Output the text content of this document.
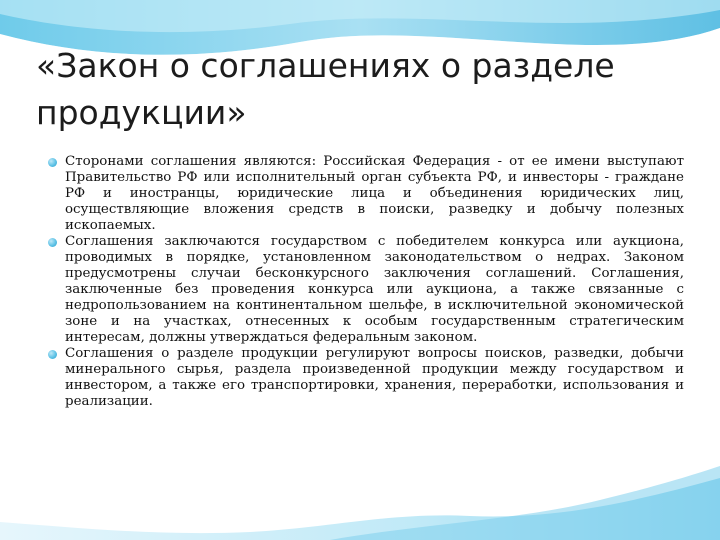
«Закон о соглашениях о разделе продукции»
Сторонами соглашения являются: Российская Федерация - от ее имени выступают Правительство РФ или исполнительный орган субъекта РФ, и инвесторы - граждане РФ и иностранцы, юридические лица и объединения юридических лиц, осуществляющие вложения средств в поиски, разведку и добычу полезных ископаемых.
Соглашения заключаются государством с победителем конкурса или аукциона, проводимых в порядке, установленном законодательством о недрах. Законом предусмотрены случаи бесконкурсного заключения соглашений. Соглашения, заключенные без проведения конкурса или аукциона, а также связанные с недропользованием на континентальном шельфе, в исключительной экономической зоне и на участках, отнесенных к особым государственным стратегическим интересам, должны утверждаться федеральным законом.
Соглашения о разделе продукции регулируют вопросы поисков, разведки, добычи минерального сырья, раздела произведенной продукции между государством и инвестором, а также его транспортировки, хранения, переработки, использования и реализации.
